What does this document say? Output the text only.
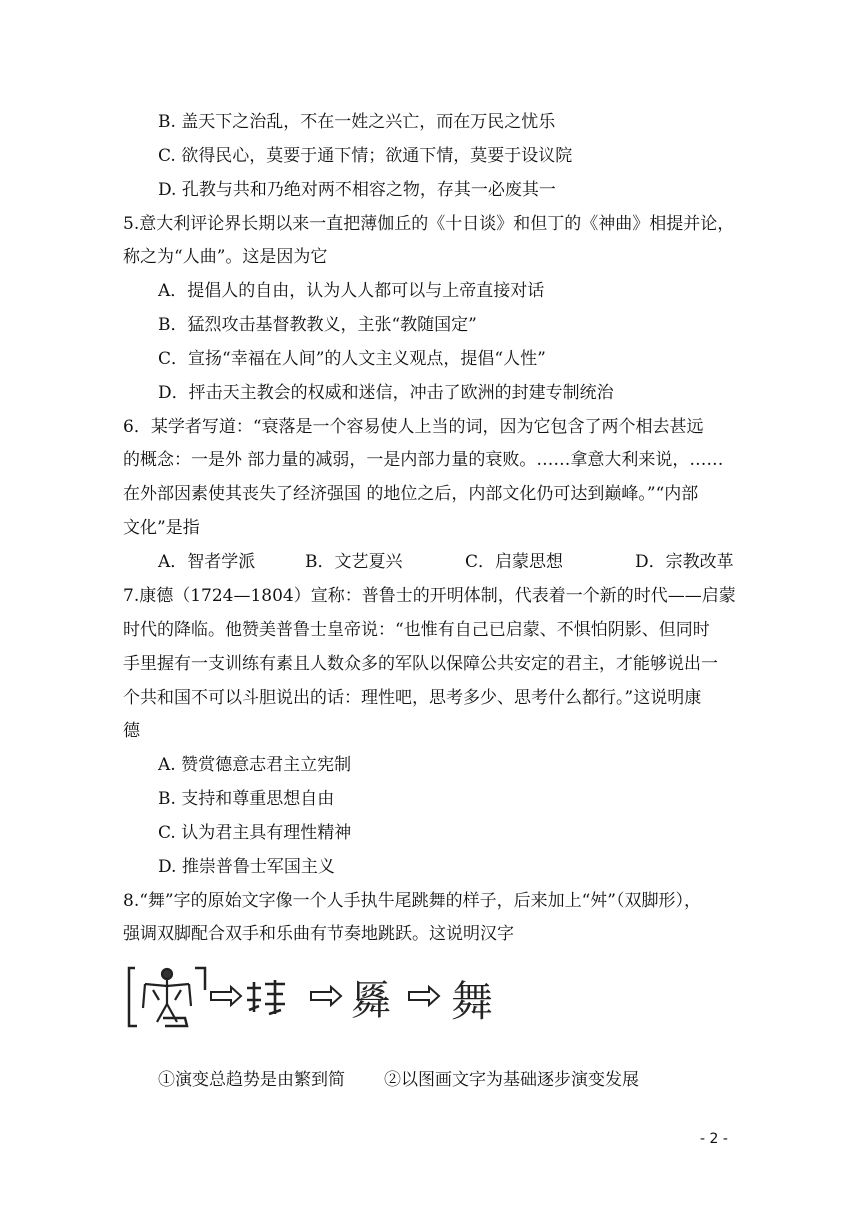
B. 盖天下之治乱，不在一姓之兴亡，而在万民之忧乐
C. 欲得民心，莫要于通下情；欲通下情，莫要于设议院
D. 孔教与共和乃绝对两不相容之物，存其一必废其一
5.意大利评论界长期以来一直把薄伽丘的《十日谈》和但丁的《神曲》相提并论，
称之为“人曲”。这是因为它
A．提倡人的自由，认为人人都可以与上帝直接对话
B．猛烈攻击基督教教义，主张“教随国定”
C．宣扬“幸福在人间”的人文主义观点，提倡“人性”
D．抨击天主教会的权威和迷信，冲击了欧洲的封建专制统治
6．某学者写道：“衰落是一个容易使人上当的词，因为它包含了两个相去甚远
的概念：一是外 部力量的减弱，一是内部力量的衰败。……拿意大利来说，……
在外部因素使其丧失了经济强国 的地位之后，内部文化仍可达到巅峰。”“内部
文化”是指
A．智者学派	B．文艺夏兴	C．启蒙思想	D．宗教改革
7.康德（1724—1804）宣称：普鲁士的开明体制，代表着一个新的时代——启蒙
时代的降临。他赞美普鲁士皇帝说：“也惟有自己已启蒙、不惧怕阴影、但同时
手里握有一支训练有素且人数众多的军队以保障公共安定的君主，才能够说出一
个共和国不可以斗胆说出的话：理性吧，思考多少、思考什么都行。”这说明康
德
A. 赞赏德意志君主立宪制
B. 支持和尊重思想自由
C. 认为君主具有理性精神
D. 推崇普鲁士军国主义
8.“舞”字的原始文字像一个人手执牛尾跳舞的样子，后来加上“舛”（双脚形），
强调双脚配合双手和乐曲有节奏地跳跃。这说明汉字
䑞 舞
①演变总趋势是由繁到简 ②以图画文字为基础逐步演变发展
- 2 -
